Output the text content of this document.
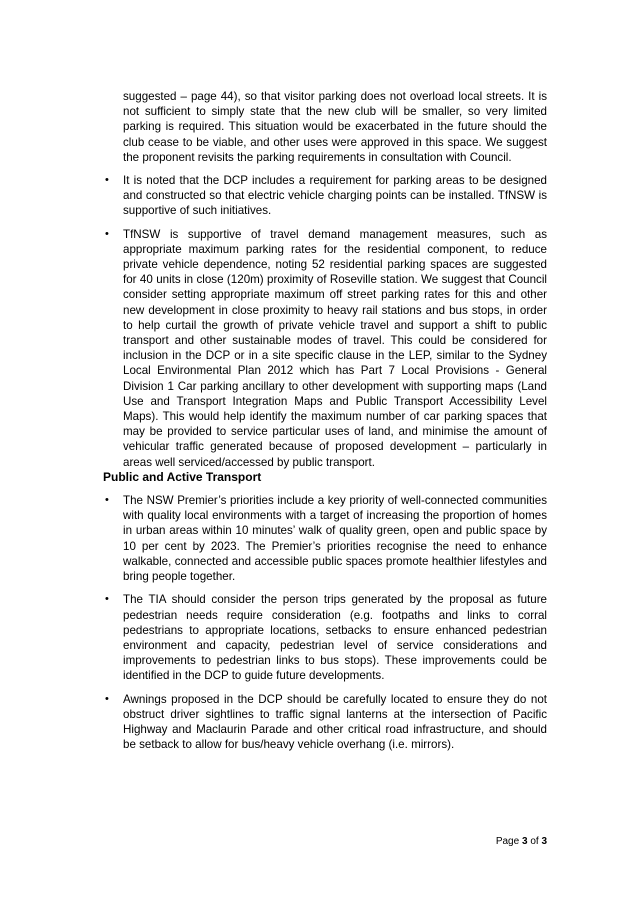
suggested – page 44), so that visitor parking does not overload local streets. It is not sufficient to simply state that the new club will be smaller, so very limited parking is required. This situation would be exacerbated in the future should the club cease to be viable, and other uses were approved in this space. We suggest the proponent revisits the parking requirements in consultation with Council.

• It is noted that the DCP includes a requirement for parking areas to be designed and constructed so that electric vehicle charging points can be installed. TfNSW is supportive of such initiatives.
• TfNSW is supportive of travel demand management measures, such as appropriate maximum parking rates for the residential component, to reduce private vehicle dependence, noting 52 residential parking spaces are suggested for 40 units in close (120m) proximity of Roseville station. We suggest that Council consider setting appropriate maximum off street parking rates for this and other new development in close proximity to heavy rail stations and bus stops, in order to help curtail the growth of private vehicle travel and support a shift to public transport and other sustainable modes of travel. This could be considered for inclusion in the DCP or in a site specific clause in the LEP, similar to the Sydney Local Environmental Plan 2012 which has Part 7 Local Provisions - General Division 1 Car parking ancillary to other development with supporting maps (Land Use and Transport Integration Maps and Public Transport Accessibility Level Maps). This would help identify the maximum number of car parking spaces that may be provided to service particular uses of land, and minimise the amount of vehicular traffic generated because of proposed development – particularly in areas well serviced/accessed by public transport.

Public and Active Transport

• The NSW Premier’s priorities include a key priority of well-connected communities with quality local environments with a target of increasing the proportion of homes in urban areas within 10 minutes’ walk of quality green, open and public space by 10 per cent by 2023. The Premier’s priorities recognise the need to enhance walkable, connected and accessible public spaces promote healthier lifestyles and bring people together.
• The TIA should consider the person trips generated by the proposal as future pedestrian needs require consideration (e.g. footpaths and links to corral pedestrians to appropriate locations, setbacks to ensure enhanced pedestrian environment and capacity, pedestrian level of service considerations and improvements to pedestrian links to bus stops). These improvements could be identified in the DCP to guide future developments.
• Awnings proposed in the DCP should be carefully located to ensure they do not obstruct driver sightlines to traffic signal lanterns at the intersection of Pacific Highway and Maclaurin Parade and other critical road infrastructure, and should be setback to allow for bus/heavy vehicle overhang (i.e. mirrors).
Page 3 of 3
